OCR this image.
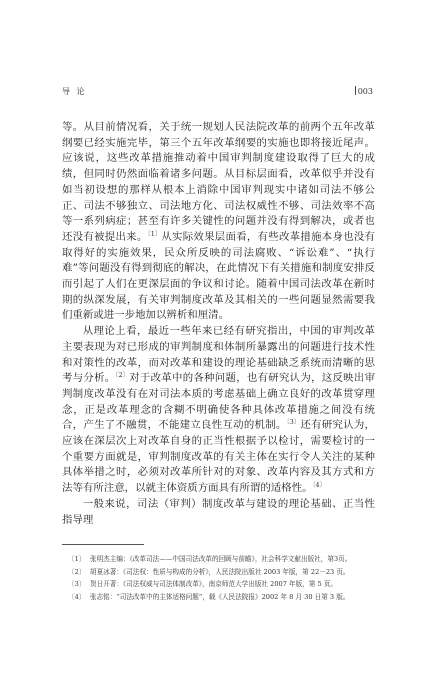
导 论	003

等。从目前情况看，关于统一规划人民法院改革的前两个五年改革纲要已经实施完毕，第三个五年改革纲要的实施也即将接近尾声。应该说，这些改革措施推动着中国审判制度建设取得了巨大的成绩，但同时仍然面临着诸多问题。从目标层面看，改革似乎并没有如当初设想的那样从根本上消除中国审判现实中诸如司法不够公正、司法不够独立、司法地方化、司法权威性不够、司法效率不高等一系列病症；甚至有许多关键性的问题并没有得到解决，或者也还没有被提出来。$^{〔1〕}$从实际效果层面看，有些改革措施本身也没有取得好的实施效果，民众所反映的司法腐败、“诉讼难”、“执行难”等问题没有得到彻底的解决，在此情况下有关措施和制度安排反而引起了人们在更深层面的争议和讨论。随着中国司法改革在新时期的纵深发展，有关审判制度改革及其相关的一些问题显然需要我们重新或进一步地加以辨析和厘清。

从理论上看，最近一些年来已经有研究指出，中国的审判改革主要表现为对已形成的审判制度和体制所暴露出的问题进行技术性和对策性的改革，而对改革和建设的理论基础缺乏系统而清晰的思考与分析。$^{〔2〕}$对于改革中的各种问题，也有研究认为，这反映出审判制度改革没有在对司法本质的考虑基础上确立良好的改革贯穿理念，正是改革理念的含糊不明确使各种具体改革措施之间没有统合，产生了不融贯，不能建立良性互动的机制。$^{〔3〕}$还有研究认为，应该在深层次上对改革自身的正当性根据予以检讨，需要检讨的一个重要方面就是，审判制度改革的有关主体在实行令人关注的某种具体举措之时，必须对改革所针对的对象、改革内容及其方式和方法等有所注意，以就主体资质方面具有所谓的适格性。$^{〔4〕}$

一般来说，司法（审判）制度改革与建设的理论基础、正当性指导理

〔1〕 张明杰主编：《改革司法——中国司法改革的回顾与前瞻》，社会科学文献出版社，第3页。

〔2〕 胡夏冰著：《司法权：性质与构成的分析》，人民法院出版社 2003 年版，第 22－23 页。

〔3〕 贺日开著：《司法权威与司法体制改革》，南京师范大学出版社 2007 年版，第 5 页。

〔4〕 张志铭：“司法改革中的主体适格问题”，载《人民法院报》2002 年 8 月 30 日第 3 版。
